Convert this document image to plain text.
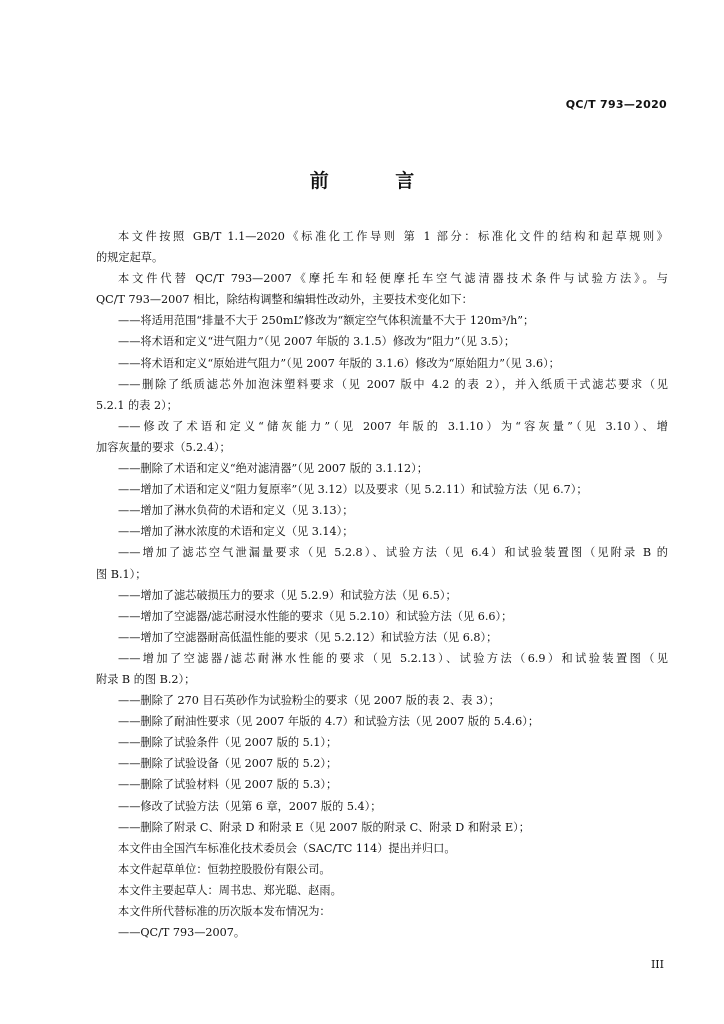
QC/T 793—2020
前 言
本文件按照 GB/T 1.1—2020《标准化工作导则 第 1 部分：标准化文件的结构和起草规则》
的规定起草。
本文件代替 QC/T 793—2007《摩托车和轻便摩托车空气滤清器技术条件与试验方法》。与
QC/T 793—2007 相比，除结构调整和编辑性改动外，主要技术变化如下：
——将适用范围“排量不大于 250mL”修改为“额定空气体积流量不大于 120m³/h”；
——将术语和定义“进气阻力”（见 2007 年版的 3.1.5）修改为“阻力”（见 3.5）；
——将术语和定义“原始进气阻力”（见 2007 年版的 3.1.6）修改为“原始阻力”（见 3.6）；
——删除了纸质滤芯外加泡沫塑料要求（见 2007 版中 4.2 的表 2），并入纸质干式滤芯要求（见
5.2.1 的表 2）；
——修改了术语和定义“储灰能力”（见 2007 年版的 3.1.10）为“容灰量”（见 3.10）、增
加容灰量的要求（5.2.4）；
——删除了术语和定义“绝对滤清器”（见 2007 版的 3.1.12）；
——增加了术语和定义“阻力复原率”（见 3.12）以及要求（见 5.2.11）和试验方法（见 6.7）；
——增加了淋水负荷的术语和定义（见 3.13）；
——增加了淋水浓度的术语和定义（见 3.14）；
——增加了滤芯空气泄漏量要求（见 5.2.8）、试验方法（见 6.4）和试验装置图（见附录 B 的
图 B.1）；
——增加了滤芯破损压力的要求（见 5.2.9）和试验方法（见 6.5）；
——增加了空滤器/滤芯耐浸水性能的要求（见 5.2.10）和试验方法（见 6.6）；
——增加了空滤器耐高低温性能的要求（见 5.2.12）和试验方法（见 6.8）；
——增加了空滤器/滤芯耐淋水性能的要求（见 5.2.13）、试验方法（6.9）和试验装置图（见
附录 B 的图 B.2）；
——删除了 270 目石英砂作为试验粉尘的要求（见 2007 版的表 2、表 3）；
——删除了耐油性要求（见 2007 年版的 4.7）和试验方法（见 2007 版的 5.4.6）；
——删除了试验条件（见 2007 版的 5.1）；
——删除了试验设备（见 2007 版的 5.2）；
——删除了试验材料（见 2007 版的 5.3）；
——修改了试验方法（见第 6 章，2007 版的 5.4）；
——删除了附录 C、附录 D 和附录 E（见 2007 版的附录 C、附录 D 和附录 E）；
本文件由全国汽车标准化技术委员会（SAC/TC 114）提出并归口。
本文件起草单位：恒勃控股股份有限公司。
本文件主要起草人：周书忠、郑光聪、赵雨。
本文件所代替标准的历次版本发布情况为：
——QC/T 793—2007。
III
